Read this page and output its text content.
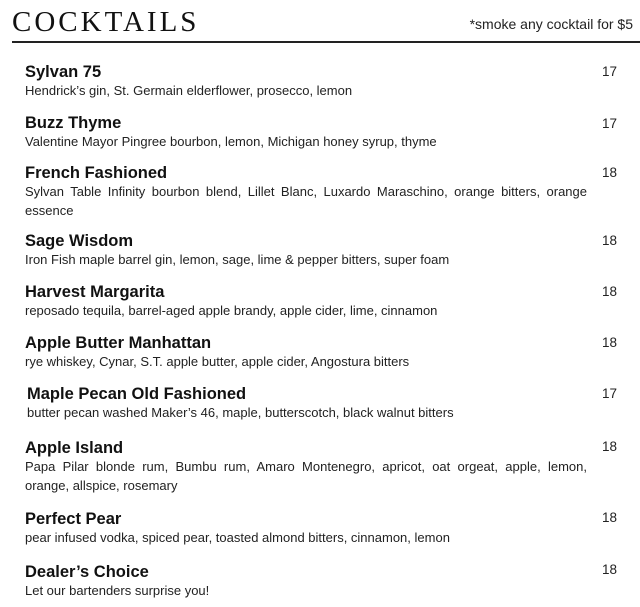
COCKTAILS	*smoke any cocktail for $5
Sylvan 75
Hendrick’s gin, St. Germain elderflower, prosecco, lemon
17
Buzz Thyme
Valentine Mayor Pingree bourbon, lemon, Michigan honey syrup, thyme
17
French Fashioned
Sylvan Table Infinity bourbon blend, Lillet Blanc, Luxardo Maraschino, orange bitters, orange essence
18
Sage Wisdom
Iron Fish maple barrel gin, lemon, sage, lime & pepper bitters, super foam
18
Harvest Margarita
reposado tequila, barrel-aged apple brandy, apple cider, lime, cinnamon
18
Apple Butter Manhattan
rye whiskey, Cynar, S.T. apple butter, apple cider, Angostura bitters
18
Maple Pecan Old Fashioned
butter pecan washed Maker’s 46, maple, butterscotch, black walnut bitters
17
Apple Island
Papa Pilar blonde rum, Bumbu rum, Amaro Montenegro, apricot, oat orgeat, apple, lemon, orange, allspice, rosemary
18
Perfect Pear
pear infused vodka, spiced pear, toasted almond bitters, cinnamon, lemon
18
Dealer’s Choice
Let our bartenders surprise you!
18
